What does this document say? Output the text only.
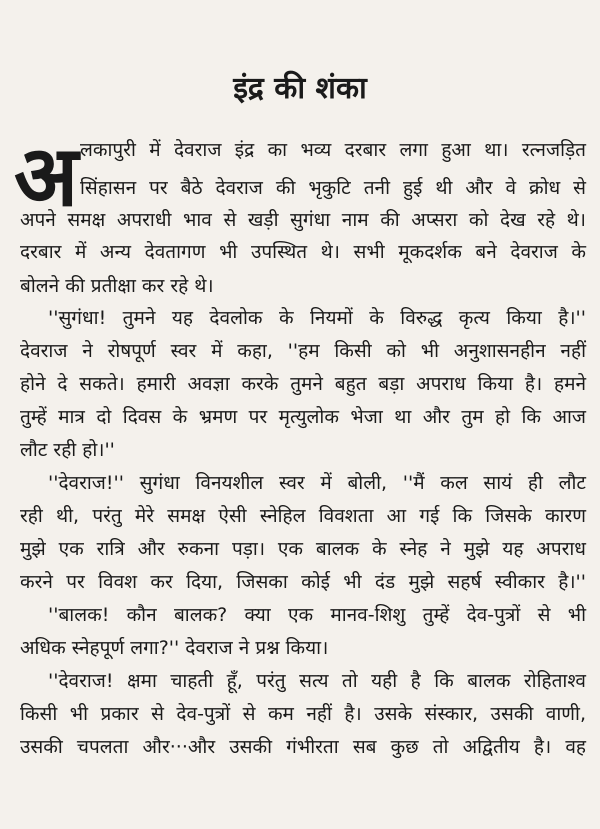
इंद्र की शंका
अ लकापुरी में देवराज इंद्र का भव्य दरबार लगा हुआ था। रत्नजड़ित
सिंहासन पर बैठे देवराज की भृकुटि तनी हुई थी और वे क्रोध से
अपने समक्ष अपराधी भाव से खड़ी सुगंधा नाम की अप्सरा को देख रहे थे।
दरबार में अन्य देवतागण भी उपस्थित थे। सभी मूकदर्शक बने देवराज के
बोलने की प्रतीक्षा कर रहे थे।
''सुगंधा! तुमने यह देवलोक के नियमों के विरुद्ध कृत्य किया है।''
देवराज ने रोषपूर्ण स्वर में कहा, ''हम किसी को भी अनुशासनहीन नहीं
होने दे सकते। हमारी अवज्ञा करके तुमने बहुत बड़ा अपराध किया है। हमने
तुम्हें मात्र दो दिवस के भ्रमण पर मृत्युलोक भेजा था और तुम हो कि आज
लौट रही हो।''
''देवराज!'' सुगंधा विनयशील स्वर में बोली, ''मैं कल सायं ही लौट
रही थी, परंतु मेरे समक्ष ऐसी स्नेहिल विवशता आ गई कि जिसके कारण
मुझे एक रात्रि और रुकना पड़ा। एक बालक के स्नेह ने मुझे यह अपराध
करने पर विवश कर दिया, जिसका कोई भी दंड मुझे सहर्ष स्वीकार है।''
''बालक! कौन बालक? क्या एक मानव-शिशु तुम्हें देव-पुत्रों से भी
अधिक स्नेहपूर्ण लगा?'' देवराज ने प्रश्न किया।
''देवराज! क्षमा चाहती हूँ, परंतु सत्य तो यही है कि बालक रोहिताश्व
किसी भी प्रकार से देव-पुत्रों से कम नहीं है। उसके संस्कार, उसकी वाणी,
उसकी चपलता और···और उसकी गंभीरता सब कुछ तो अद्वितीय है। वह
